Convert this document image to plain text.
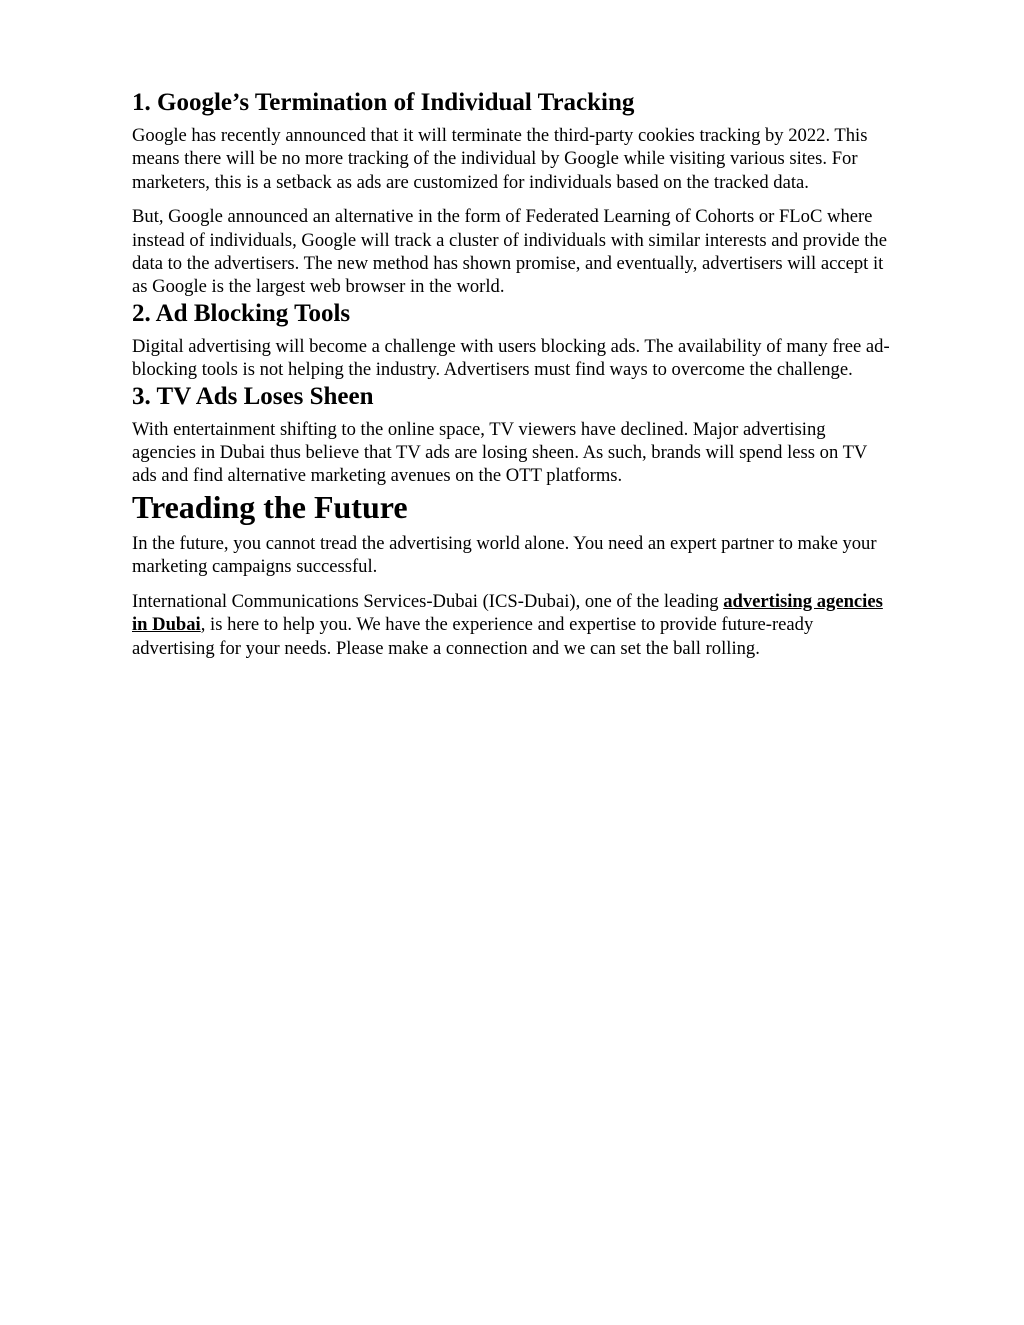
1. Google’s Termination of Individual Tracking

Google has recently announced that it will terminate the third-party cookies tracking by 2022. This means there will be no more tracking of the individual by Google while visiting various sites. For marketers, this is a setback as ads are customized for individuals based on the tracked data.

But, Google announced an alternative in the form of Federated Learning of Cohorts or FLoC where instead of individuals, Google will track a cluster of individuals with similar interests and provide the data to the advertisers. The new method has shown promise, and eventually, advertisers will accept it as Google is the largest web browser in the world.

2. Ad Blocking Tools

Digital advertising will become a challenge with users blocking ads. The availability of many free ad-blocking tools is not helping the industry. Advertisers must find ways to overcome the challenge.

3. TV Ads Loses Sheen

With entertainment shifting to the online space, TV viewers have declined. Major advertising agencies in Dubai thus believe that TV ads are losing sheen. As such, brands will spend less on TV ads and find alternative marketing avenues on the OTT platforms.

Treading the Future

In the future, you cannot tread the advertising world alone. You need an expert partner to make your marketing campaigns successful.

International Communications Services-Dubai (ICS-Dubai), one of the leading advertising agencies in Dubai, is here to help you. We have the experience and expertise to provide future-ready advertising for your needs. Please make a connection and we can set the ball rolling.
